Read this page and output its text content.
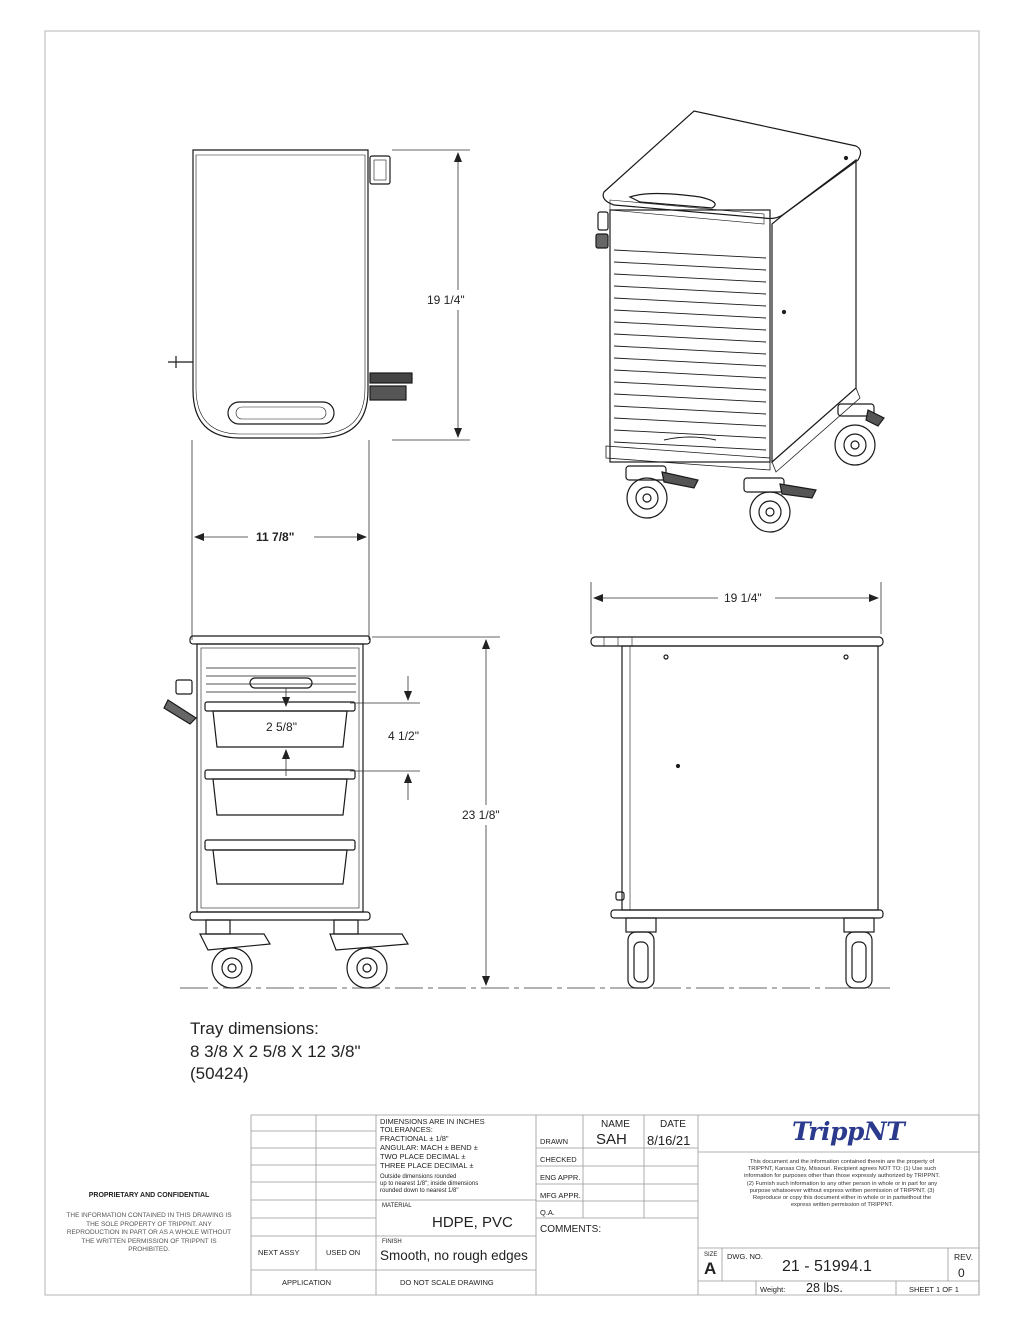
19 1/4"
11 7/8"
19 1/4"
23 1/8"
2 5/8"
4 1/2"
Tray dimensions:
8 3/8 X 2 5/8 X 12 3/8"
(50424)
PROPRIETARY AND CONFIDENTIAL
THE INFORMATION CONTAINED IN THIS DRAWING IS THE SOLE PROPERTY OF TRIPPNT. ANY REPRODUCTION IN PART OR AS A WHOLE WITHOUT THE WRITTEN PERMISSION OF TRIPPNT IS PROHIBITED.	NEXT ASSY	USED ON
APPLICATION	DO NOT SCALE DRAWING
DIMENSIONS ARE IN INCHES
TOLERANCES:
FRACTIONAL ± 1/8"
ANGULAR: MACH ± BEND ±
TWO PLACE DECIMAL ±
THREE PLACE DECIMAL ±
Outside dimensions rounded
up to nearest 1/8"; inside dimensions
rounded down to nearest 1/8"
MATERIAL
HDPE, PVC
FINISH
Smooth, no rough edges
NAME	DATE
DRAWN SAH 8/16/21
CHECKED
ENG APPR.
MFG APPR.
Q.A.
COMMENTS:
TrippNT
This document and the information contained therein are the property of TRIPPNT, Kansas City, Missouri. Recipient agrees NOT TO: (1) Use such information for purposes other than those expressly authorized by TRIPPNT. (2) Furnish such information to any other person in whole or in part for any purpose whatsoever without express written permission of TRIPPNT. (3) Reproduce or copy this document either in whole or in partwithout the express written permission of TRIPPNT.
SIZE
A
DWG. NO.
21 - 51994.1
REV.
0
Weight: 28 lbs.	SHEET 1 OF 1
